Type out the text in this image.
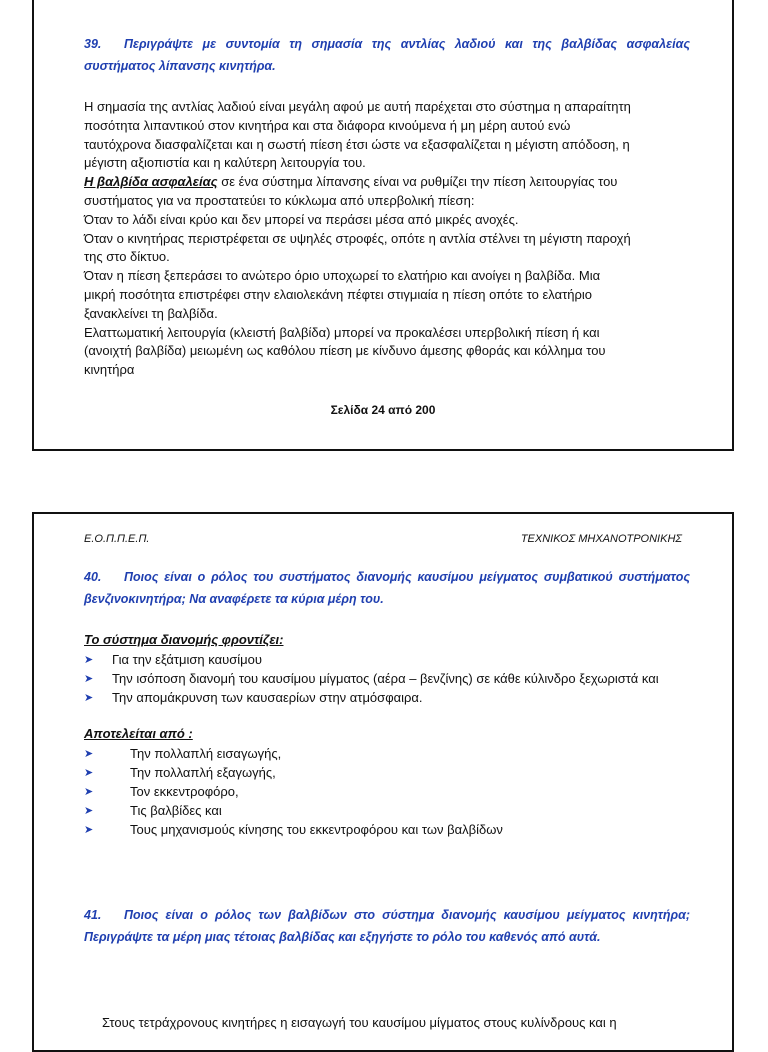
39. Περιγράψτε με συντομία τη σημασία της αντλίας λαδιού και της βαλβίδας ασφαλείας συστήματος λίπανσης κινητήρα.
Η σημασία της αντλίας λαδιού είναι μεγάλη αφού με αυτή παρέχεται στο σύστημα η απαραίτητη
ποσότητα λιπαντικού στον κινητήρα και στα διάφορα κινούμενα ή μη μέρη αυτού ενώ
ταυτόχρονα διασφαλίζεται και η σωστή πίεση έτσι ώστε να εξασφαλίζεται η μέγιστη απόδοση, η
μέγιστη αξιοπιστία και η καλύτερη λειτουργία του.
Η βαλβίδα ασφαλείας σε ένα σύστημα λίπανσης είναι να ρυθμίζει την πίεση λειτουργίας του
συστήματος για να προστατεύει το κύκλωμα από υπερβολική πίεση:
Όταν το λάδι είναι κρύο και δεν μπορεί να περάσει μέσα από μικρές ανοχές.
Όταν ο κινητήρας περιστρέφεται σε υψηλές στροφές, οπότε η αντλία στέλνει τη μέγιστη παροχή
της στο δίκτυο.
Όταν η πίεση ξεπεράσει το ανώτερο όριο υποχωρεί το ελατήριο και ανοίγει η βαλβίδα. Μια
μικρή ποσότητα επιστρέφει στην ελαιολεκάνη πέφτει στιγμιαία η πίεση οπότε το ελατήριο
ξανακλείνει τη βαλβίδα.
Ελαττωματική λειτουργία (κλειστή βαλβίδα) μπορεί να προκαλέσει υπερβολική πίεση ή και
(ανοιχτή βαλβίδα) μειωμένη ως καθόλου πίεση με κίνδυνο άμεσης φθοράς και κόλλημα του
κινητήρα
Σελίδα 24 από 200
Ε.Ο.Π.Π.Ε.Π.	ΤΕΧΝΙΚΟΣ ΜΗΧΑΝΟΤΡΟΝΙΚΗΣ
40. Ποιος είναι ο ρόλος του συστήματος διανομής καυσίμου μείγματος συμβατικού συστήματος βενζινοκινητήρα; Να αναφέρετε τα κύρια μέρη του.
Το σύστημα διανομής φροντίζει:
➤ Για την εξάτμιση καυσίμου
➤ Την ισόποση διανομή του καυσίμου μίγματος (αέρα – βενζίνης) σε κάθε κύλινδρο ξεχωριστά και
➤ Την απομάκρυνση των καυσαερίων στην ατμόσφαιρα.
Αποτελείται από :
➤	Την πολλαπλή εισαγωγής,
➤	Την πολλαπλή εξαγωγής,
➤	Τον εκκεντροφόρο,
➤	Τις βαλβίδες και
➤	Τους μηχανισμούς κίνησης του εκκεντροφόρου και των βαλβίδων
41. Ποιος είναι ο ρόλος των βαλβίδων στο σύστημα διανομής καυσίμου μείγματος κινητήρα; Περιγράψτε τα μέρη μιας τέτοιας βαλβίδας και εξηγήστε το ρόλο του καθενός από αυτά.
Στους τετράχρονους κινητήρες η εισαγωγή του καυσίμου μίγματος στους κυλίνδρους και η
